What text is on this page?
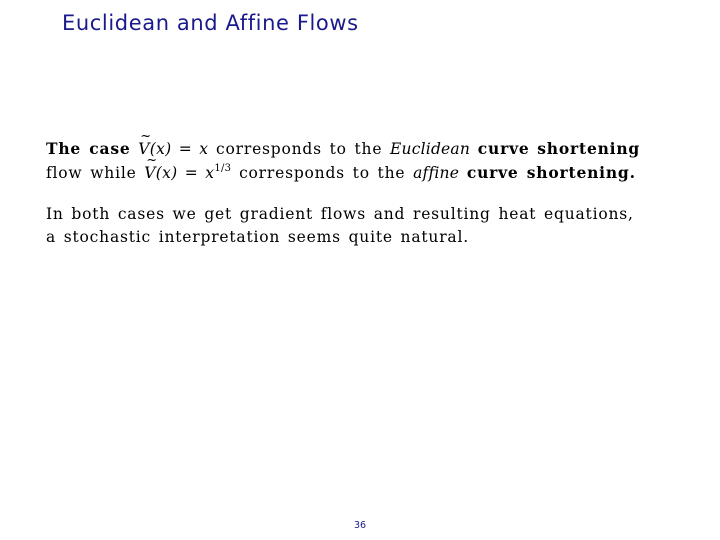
Euclidean and Affine Flows
The case ~ V(x) = x corresponds to the Euclidean curve shortening
flow while ~ $V(x) = x^{1/3}$ corresponds to the affine curve shortening.
In both cases we get gradient flows and resulting heat equations,
a stochastic interpretation seems quite natural.
36
